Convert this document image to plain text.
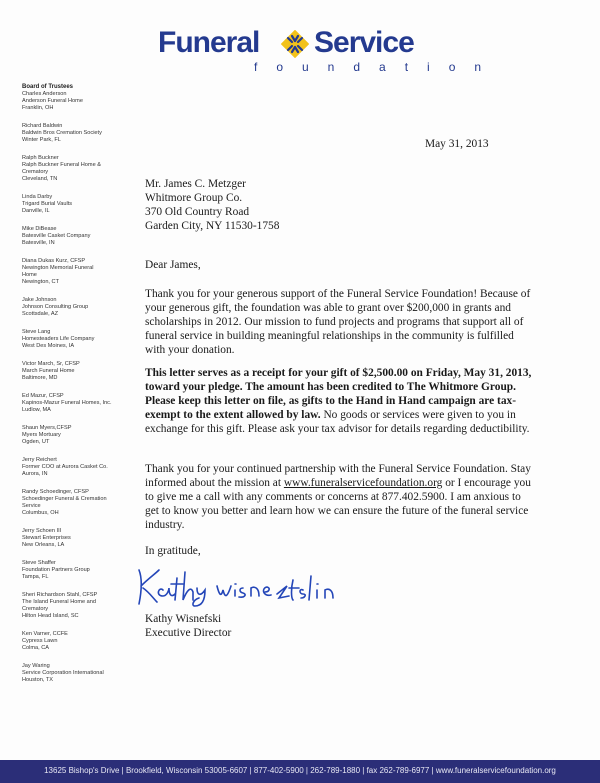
Funeral Service
foundation
Board of Trustees
Charles Anderson
Anderson Funeral Home
Franklin, OH
Richard Baldwin
Baldwin Bros Cremation Society
Winter Park, FL
Ralph Buckner
Ralph Buckner Funeral Home &
Crematory
Cleveland, TN
Linda Darby
Trigard Burial Vaults
Danville, IL
Mike DiBease
Batesville Casket Company
Batesville, IN
Diana Dukas Kurz, CFSP
Newington Memorial Funeral
Home
Newington, CT
Jake Johnson
Johnson Consulting Group
Scottsdale, AZ
Steve Lang
Homesteaders Life Company
West Des Moines, IA
Victor March, Sr, CFSP
March Funeral Home
Baltimore, MD
Ed Mazur, CFSP
Kapinos-Mazur Funeral Homes, Inc.
Ludlow, MA
Shaun Myers,CFSP
Myers Mortuary
Ogden, UT
Jerry Reichert
Former COO at Aurora Casket Co.
Aurora, IN
Randy Schoedinger, CFSP
Schoedinger Funeral & Cremation
Service
Columbus, OH
Jerry Schoen III
Stewart Enterprises
New Orleans, LA
Steve Shaffer
Foundation Partners Group
Tampa, FL
Sheri Richardson Stahl, CFSP
The Island Funeral Home and
Crematory
Hilton Head Island, SC
Ken Varner, CCFE
Cypress Lawn
Colma, CA
Jay Waring
Service Corporation International
Houston, TX
May 31, 2013
Mr. James C. Metzger
Whitmore Group Co.
370 Old Country Road
Garden City, NY 11530-1758
Dear James,

Thank you for your generous support of the Funeral Service Foundation! Because of your generous gift, the foundation was able to grant over $200,000 in grants and scholarships in 2012. Our mission to fund projects and programs that support all of funeral service in building meaningful relationships in the community is fulfilled with your donation.

This letter serves as a receipt for your gift of $2,500.00 on Friday, May 31, 2013, toward your pledge. The amount has been credited to The Whitmore Group. Please keep this letter on file, as gifts to the Hand in Hand campaign are tax-exempt to the extent allowed by law. No goods or services were given to you in exchange for this gift. Please ask your tax advisor for details regarding deductibility.

Thank you for your continued partnership with the Funeral Service Foundation. Stay informed about the mission at www.funeralservicefoundation.org or I encourage you to give me a call with any comments or concerns at 877.402.5900. I am anxious to get to know you better and learn how we can ensure the future of the funeral service industry.

In gratitude,
Kathy Wisnefski
Executive Director
13625 Bishop's Drive | Brookfield, Wisconsin 53005-6607 | 877-402-5900 | 262-789-1880 | fax 262-789-6977 | www.funeralservicefoundation.org
